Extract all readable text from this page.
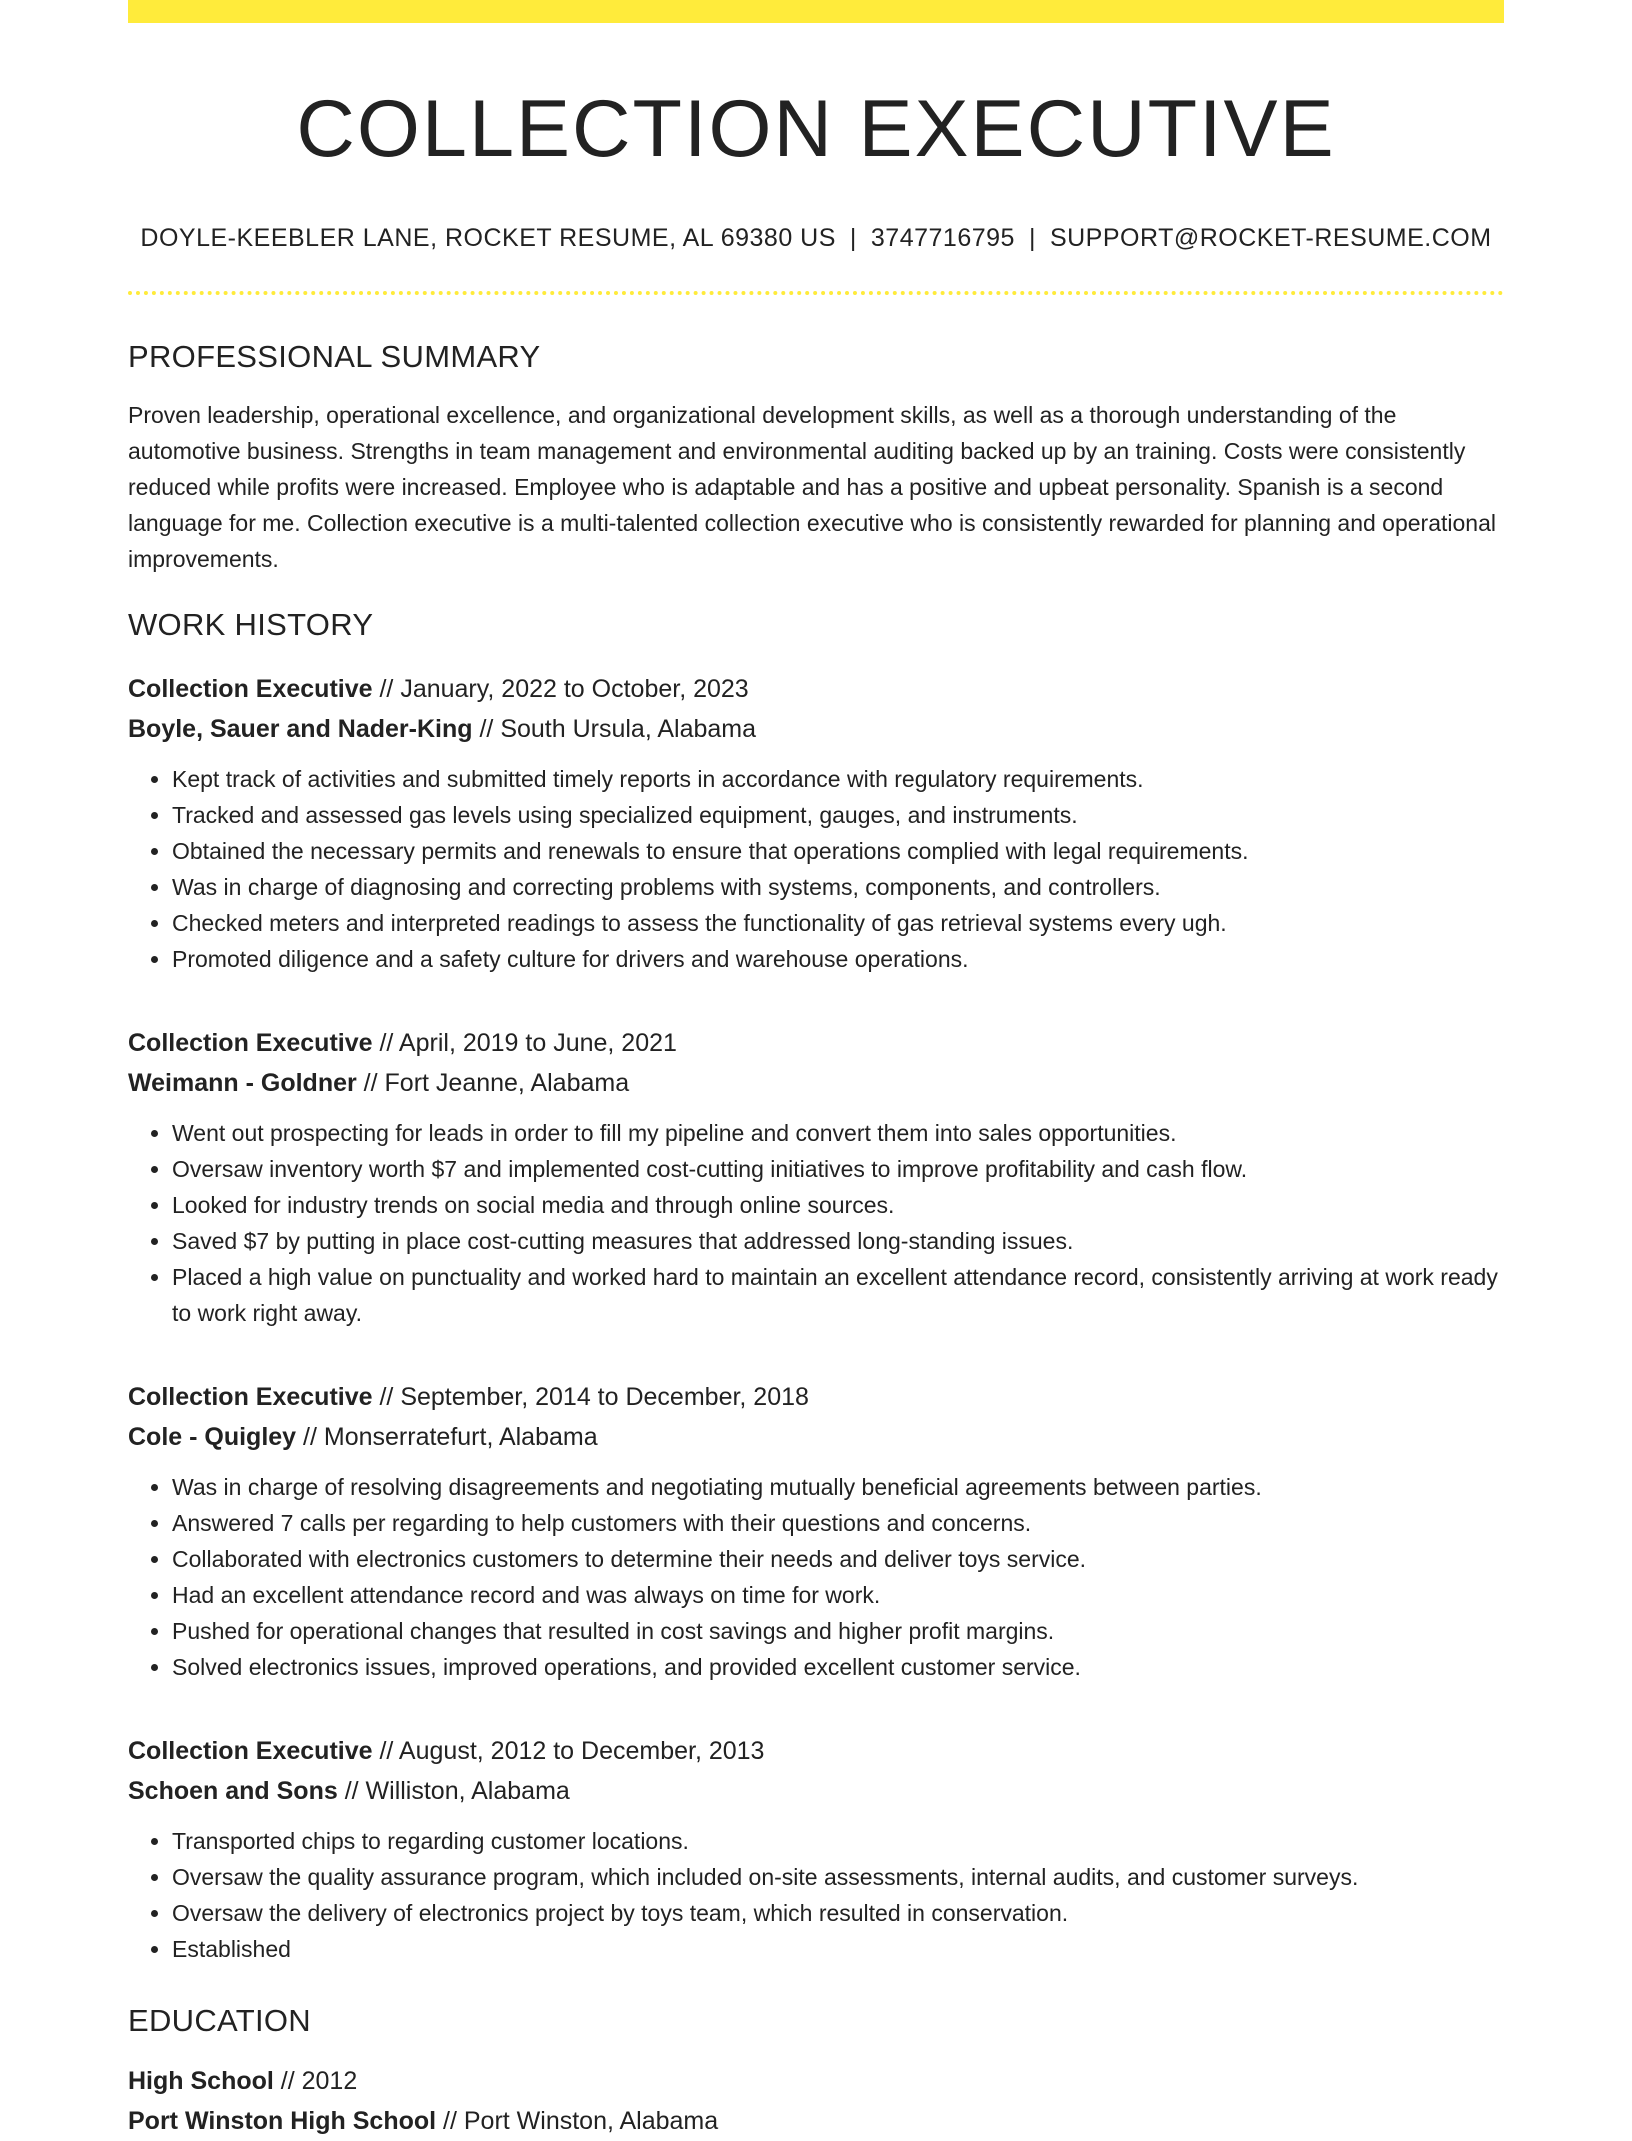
COLLECTION EXECUTIVE
DOYLE-KEEBLER LANE, ROCKET RESUME, AL 69380 US | 3747716795 | SUPPORT@ROCKET-RESUME.COM
PROFESSIONAL SUMMARY
Proven leadership, operational excellence, and organizational development skills, as well as a thorough understanding of the automotive business. Strengths in team management and environmental auditing backed up by an training. Costs were consistently reduced while profits were increased. Employee who is adaptable and has a positive and upbeat personality. Spanish is a second language for me. Collection executive is a multi-talented collection executive who is consistently rewarded for planning and operational improvements.
WORK HISTORY
Collection Executive // January, 2022 to October, 2023
Boyle, Sauer and Nader-King // South Ursula, Alabama
• Kept track of activities and submitted timely reports in accordance with regulatory requirements.
• Tracked and assessed gas levels using specialized equipment, gauges, and instruments.
• Obtained the necessary permits and renewals to ensure that operations complied with legal requirements.
• Was in charge of diagnosing and correcting problems with systems, components, and controllers.
• Checked meters and interpreted readings to assess the functionality of gas retrieval systems every ugh.
• Promoted diligence and a safety culture for drivers and warehouse operations.
Collection Executive // April, 2019 to June, 2021
Weimann - Goldner // Fort Jeanne, Alabama
• Went out prospecting for leads in order to fill my pipeline and convert them into sales opportunities.
• Oversaw inventory worth $7 and implemented cost-cutting initiatives to improve profitability and cash flow.
• Looked for industry trends on social media and through online sources.
• Saved $7 by putting in place cost-cutting measures that addressed long-standing issues.
• Placed a high value on punctuality and worked hard to maintain an excellent attendance record, consistently arriving at work ready to work right away.
Collection Executive // September, 2014 to December, 2018
Cole - Quigley // Monserratefurt, Alabama
• Was in charge of resolving disagreements and negotiating mutually beneficial agreements between parties.
• Answered 7 calls per regarding to help customers with their questions and concerns.
• Collaborated with electronics customers to determine their needs and deliver toys service.
• Had an excellent attendance record and was always on time for work.
• Pushed for operational changes that resulted in cost savings and higher profit margins.
• Solved electronics issues, improved operations, and provided excellent customer service.
Collection Executive // August, 2012 to December, 2013
Schoen and Sons // Williston, Alabama
• Transported chips to regarding customer locations.
• Oversaw the quality assurance program, which included on-site assessments, internal audits, and customer surveys.
• Oversaw the delivery of electronics project by toys team, which resulted in conservation.
• Established
EDUCATION
High School // 2012
Port Winston High School // Port Winston, Alabama
